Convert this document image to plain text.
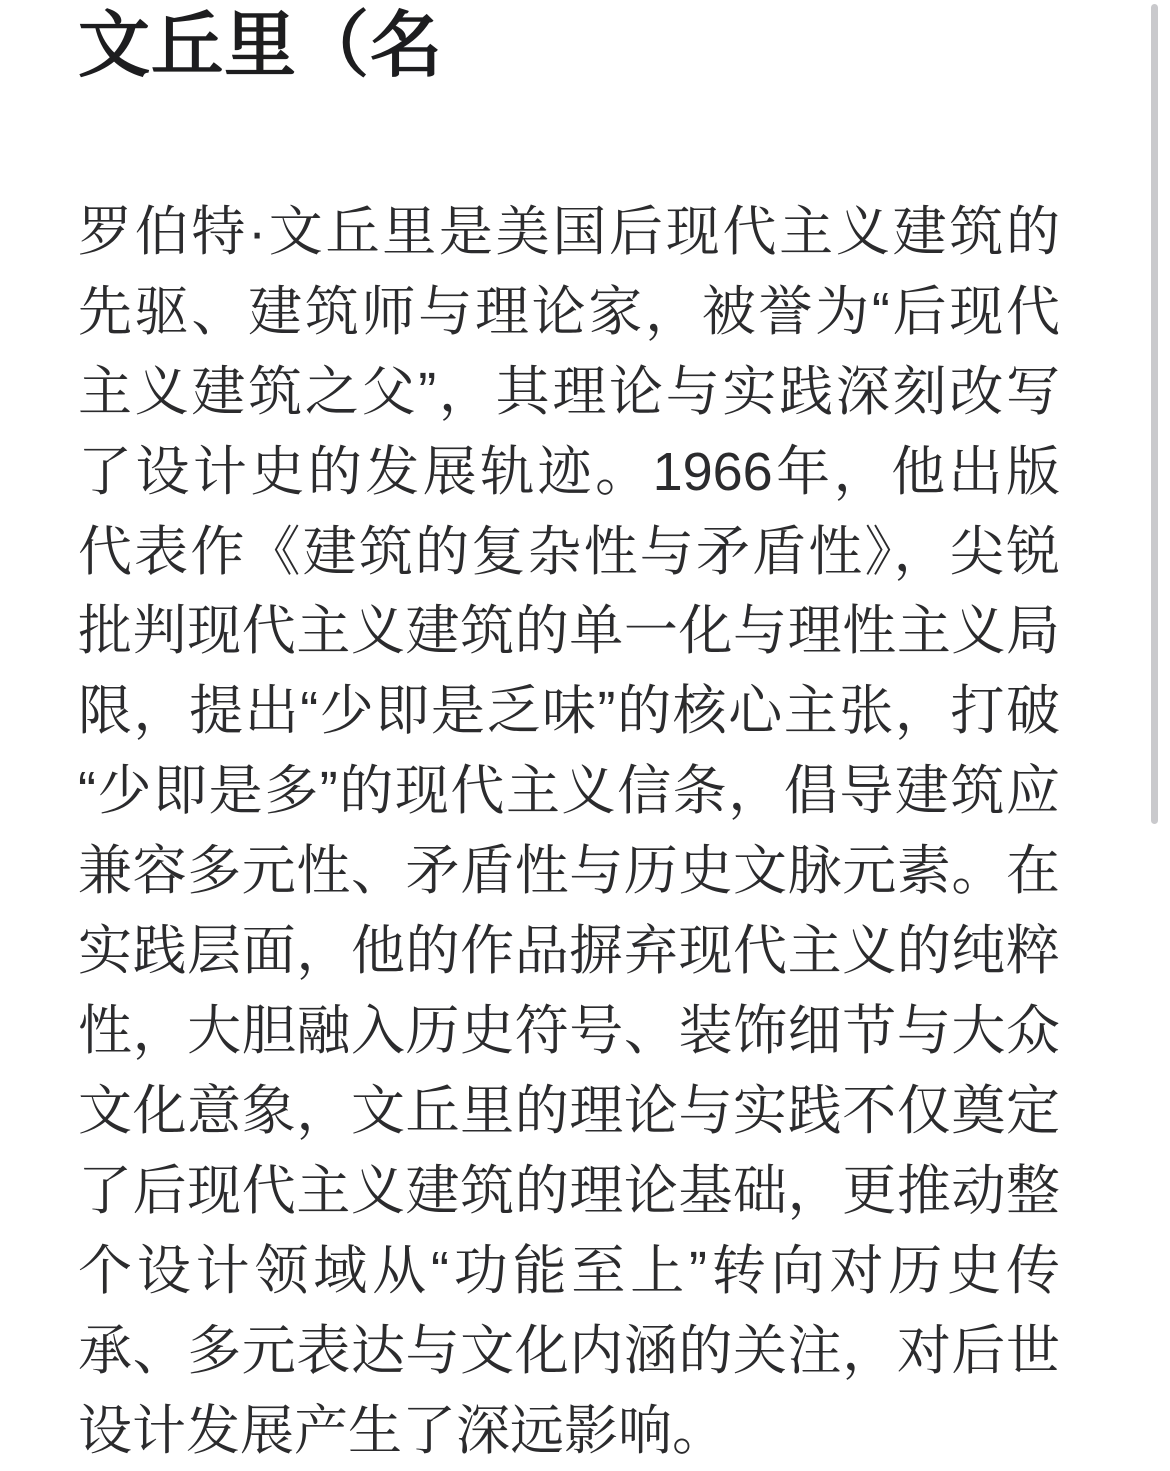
文丘里（名

罗伯特·文丘里是美国后现代主义建筑的先驱、建筑师与理论家，被誉为“后现代主义建筑之父”，其理论与实践深刻改写了设计史的发展轨迹。1966年，他出版代表作《建筑的复杂性与矛盾性》，尖锐批判现代主义建筑的单一化与理性主义局限，提出“少即是乏味”的核心主张，打破“少即是多”的现代主义信条，倡导建筑应兼容多元性、矛盾性与历史文脉元素。在实践层面，他的作品摒弃现代主义的纯粹性，大胆融入历史符号、装饰细节与大众文化意象，文丘里的理论与实践不仅奠定了后现代主义建筑的理论基础，更推动整个设计领域从“功能至上”转向对历史传承、多元表达与文化内涵的关注，对后世设计发展产生了深远影响。
